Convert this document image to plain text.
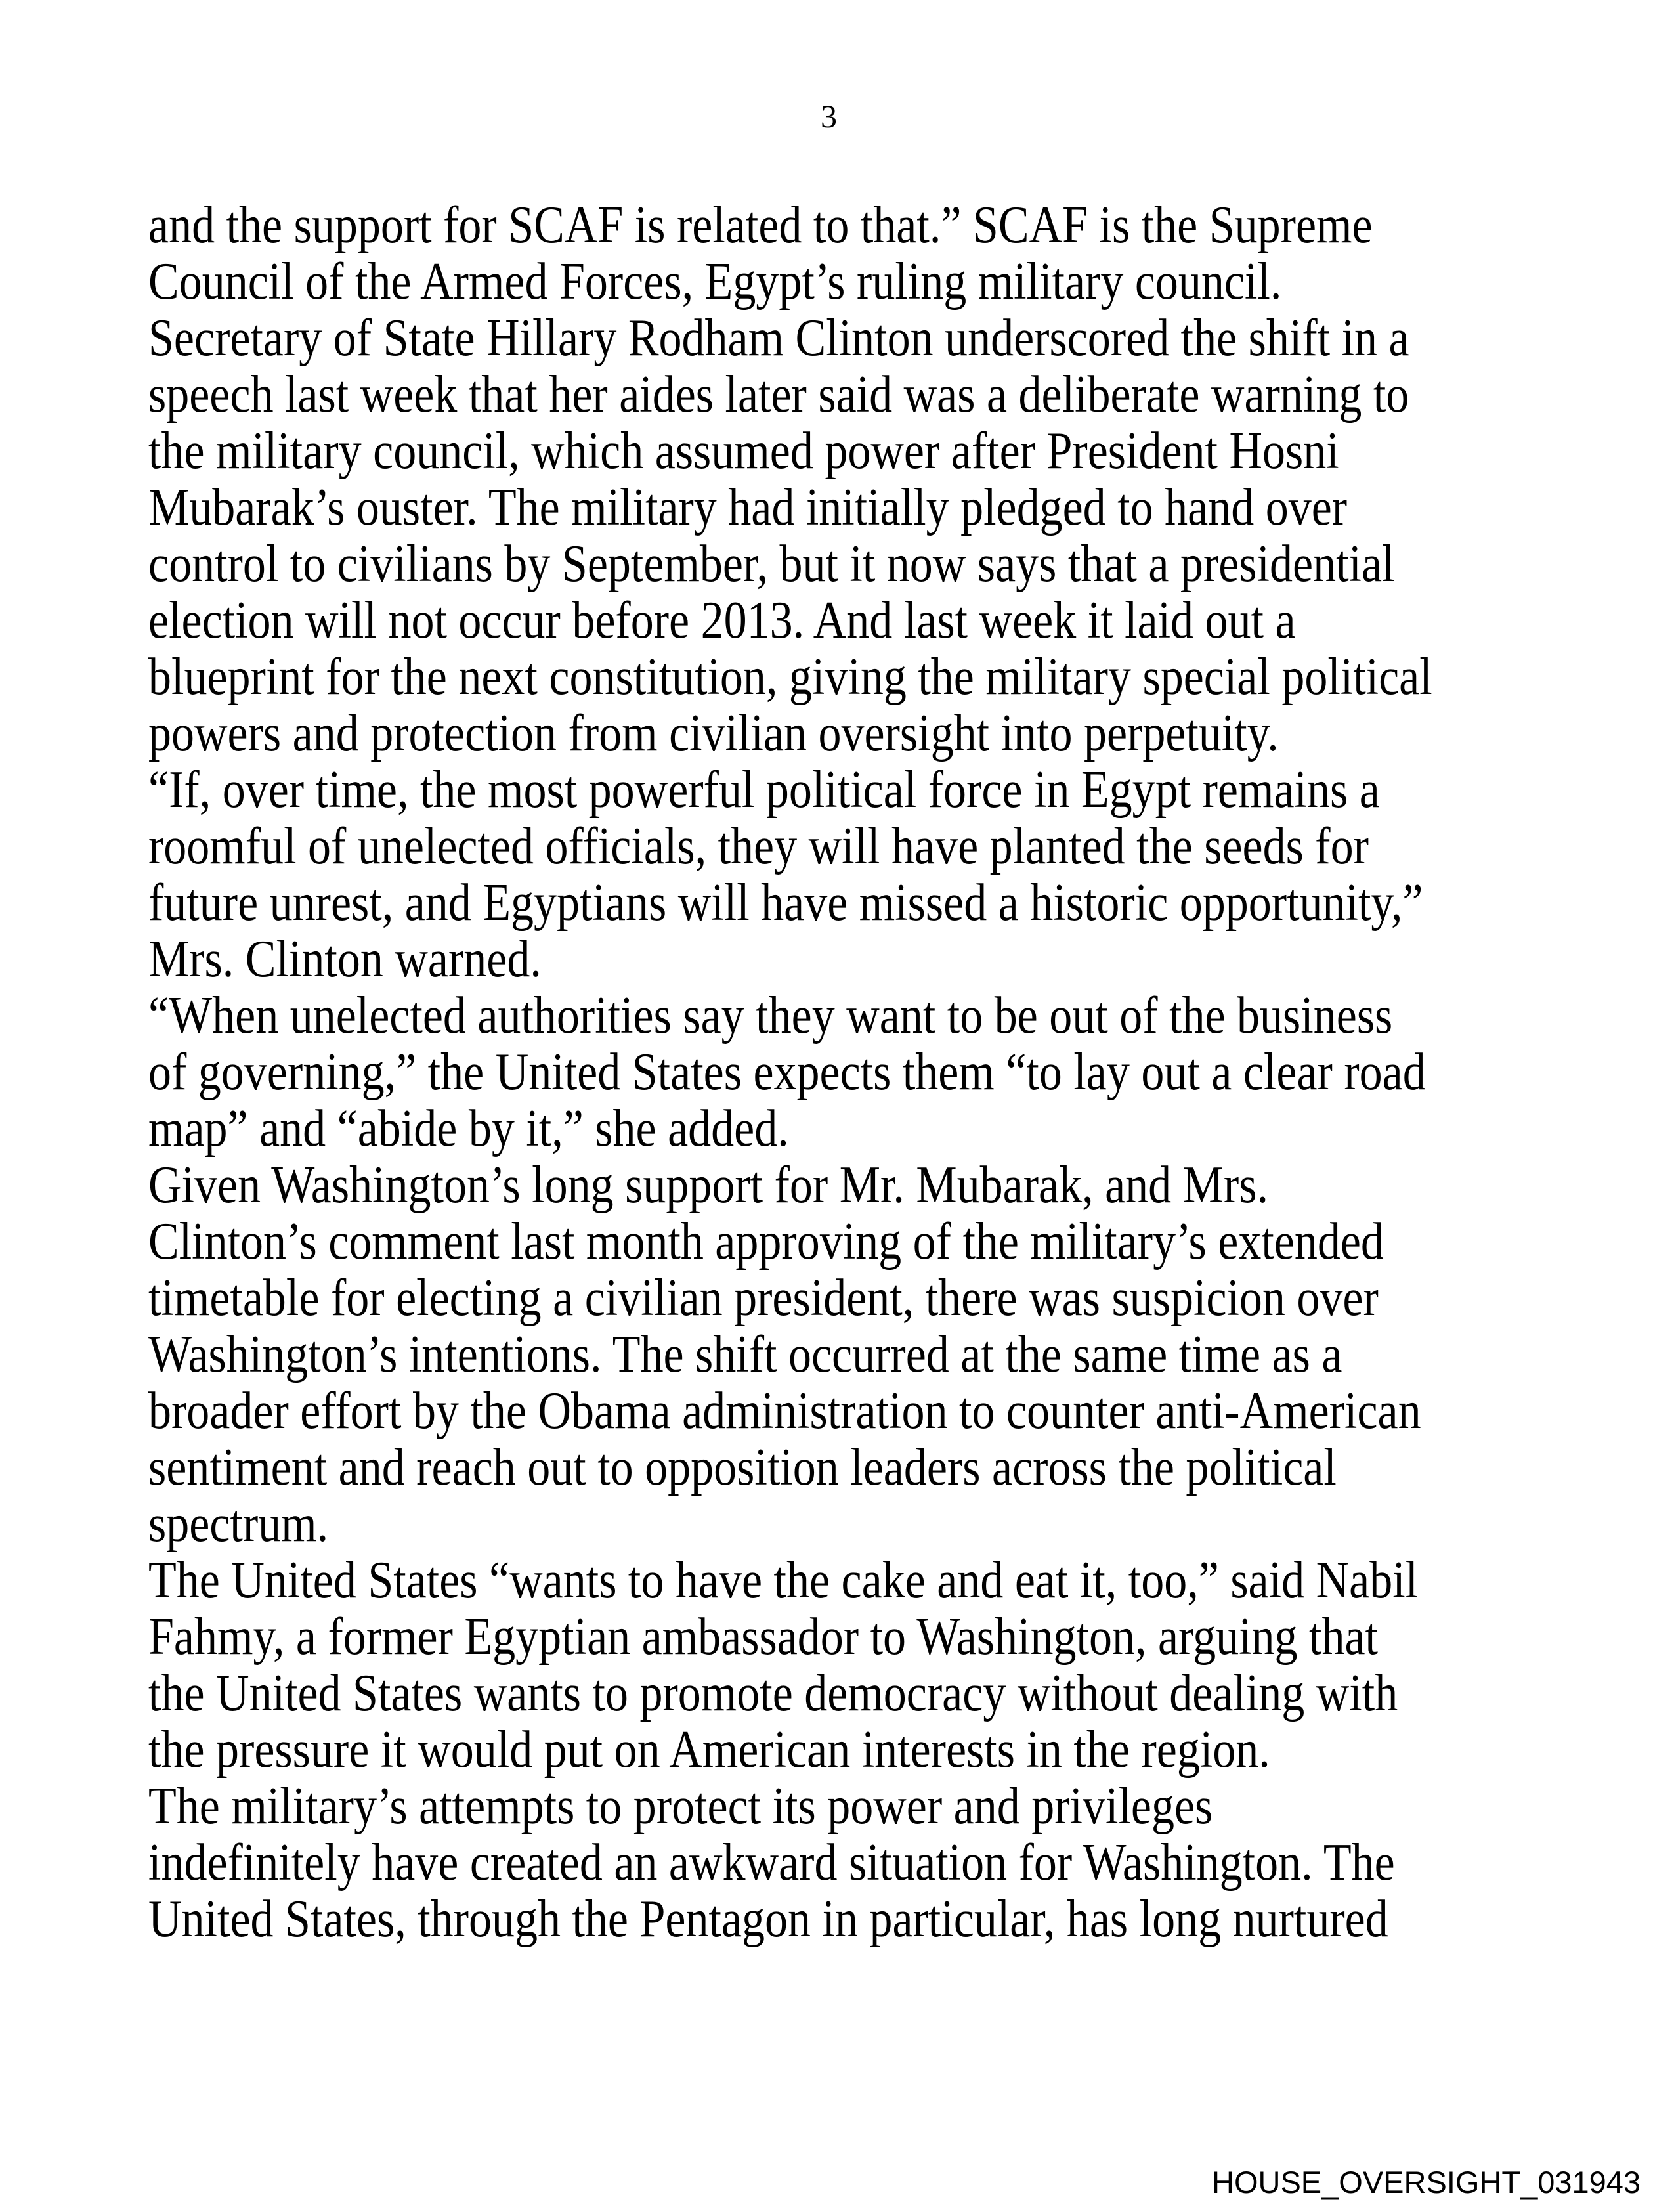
3
and the support for SCAF is related to that.” SCAF is the Supreme
Council of the Armed Forces, Egypt’s ruling military council.
Secretary of State Hillary Rodham Clinton underscored the shift in a
speech last week that her aides later said was a deliberate warning to
the military council, which assumed power after President Hosni
Mubarak’s ouster. The military had initially pledged to hand over
control to civilians by September, but it now says that a presidential
election will not occur before 2013. And last week it laid out a
blueprint for the next constitution, giving the military special political
powers and protection from civilian oversight into perpetuity.
“If, over time, the most powerful political force in Egypt remains a
roomful of unelected officials, they will have planted the seeds for
future unrest, and Egyptians will have missed a historic opportunity,”
Mrs. Clinton warned.
“When unelected authorities say they want to be out of the business
of governing,” the United States expects them “to lay out a clear road
map” and “abide by it,” she added.
Given Washington’s long support for Mr. Mubarak, and Mrs.
Clinton’s comment last month approving of the military’s extended
timetable for electing a civilian president, there was suspicion over
Washington’s intentions. The shift occurred at the same time as a
broader effort by the Obama administration to counter anti-American
sentiment and reach out to opposition leaders across the political
spectrum.
The United States “wants to have the cake and eat it, too,” said Nabil
Fahmy, a former Egyptian ambassador to Washington, arguing that
the United States wants to promote democracy without dealing with
the pressure it would put on American interests in the region.
The military’s attempts to protect its power and privileges
indefinitely have created an awkward situation for Washington. The
United States, through the Pentagon in particular, has long nurtured
HOUSE_OVERSIGHT_031943
